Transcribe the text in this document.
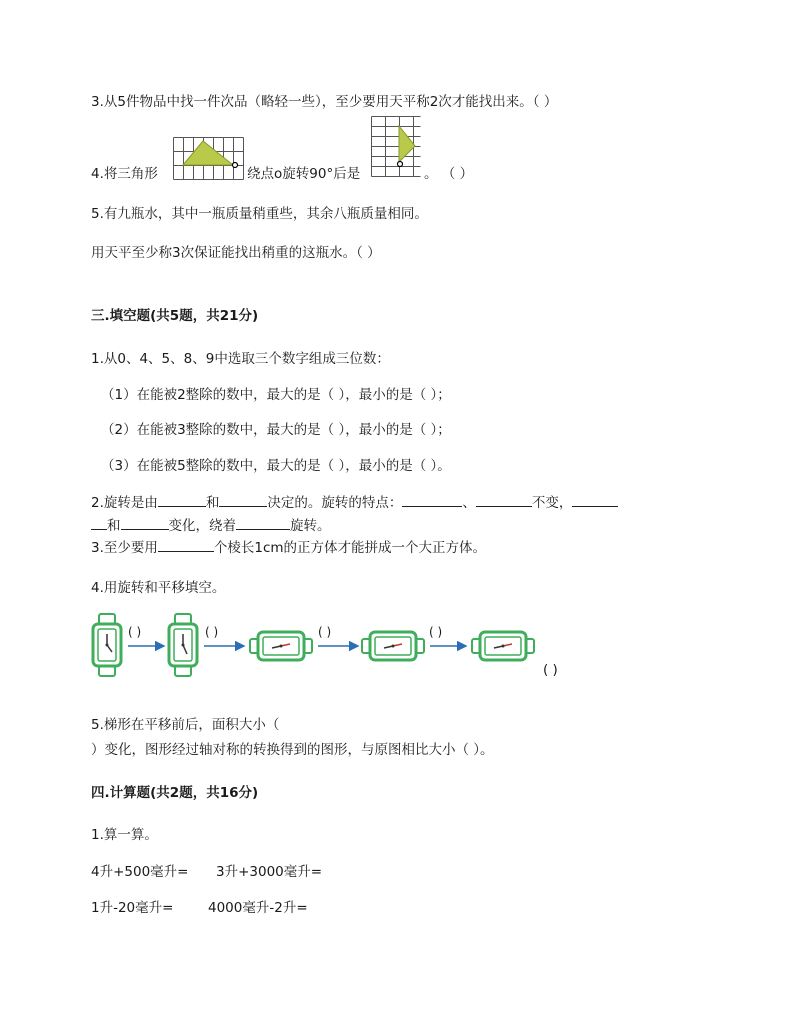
3.从5件物品中找一件次品（略轻一些），至少要用天平称2次才能找出来。（ ）
4.将三角形	绕点o旋转90°后是	。 （ ）
5.有九瓶水，其中一瓶质量稍重些，其余八瓶质量相同。
用天平至少称3次保证能找出稍重的这瓶水。（ ）
三.填空题(共5题，共21分)
1.从0、4、5、8、9中选取三个数字组成三位数：
（1）在能被2整除的数中，最大的是（ ），最小的是（ ）；
（2）在能被3整除的数中，最大的是（ ），最小的是（ ）；
（3）在能被5整除的数中，最大的是（ ），最小的是（ ）。
2.旋转是由	和	决定的。旋转的特点：	、	不变，
和	变化，绕着	旋转。
3.至少要用	个棱长1cm的正方体才能拼成一个大正方体。
4.用旋转和平移填空。
( )	( )	( )	( )
( )
5.梯形在平移前后，面积大小（
）变化，图形经过轴对称的转换得到的图形，与原图相比大小（ ）。
四.计算题(共2题，共16分)
1.算一算。
4升+500毫升= 3升+3000毫升=
1升-20毫升=	4000毫升-2升=
